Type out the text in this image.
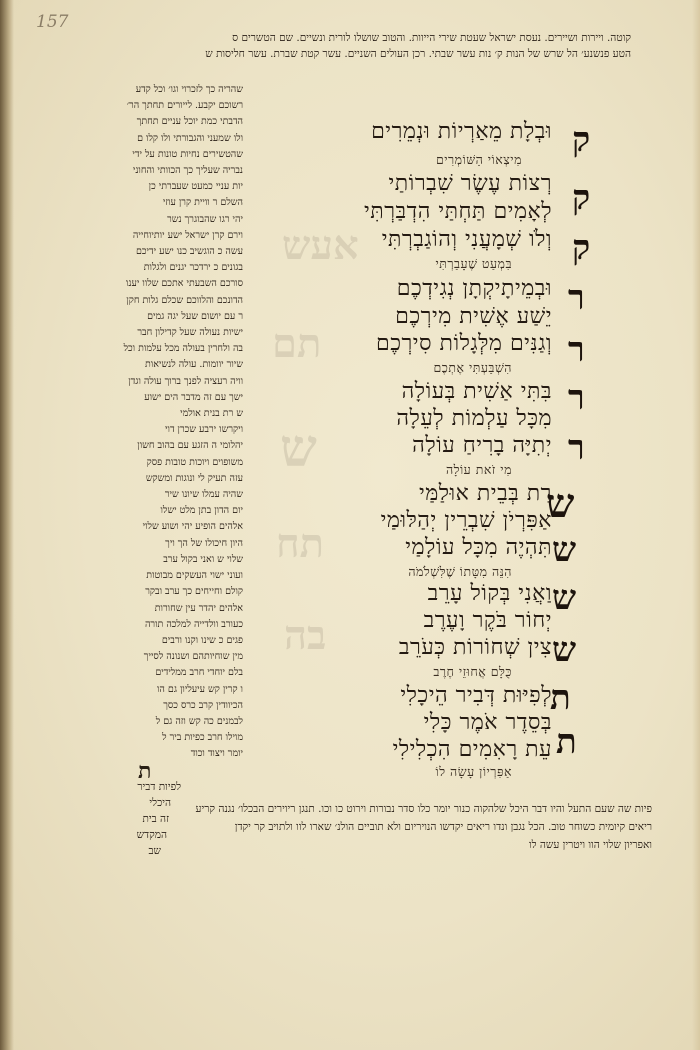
157
אעש
תם
ש
תח
בה
קוטה. ויירות ושיירים. נעסת ישראל שעטת שירי הייוות. והטוב שושלו לורית ונשיים. שם הטשרים ס
הטע פנשנע׳ הל שרש של הנות ק׳ נות עשר שבתי. רכן העולים השניים. עשר קטת שברת. עשר חליסות ש
שהריה כך לזכרוי וגו׳ וכל קדע
רשוכם יקבע. לייורים תחתך הר׳
הדבתי כמת יוכל עניים תחתך
ולו שמעני והגבורתי ולו קלו ם
שהטשירים נחיות טונות על ידי
נבריה שעליך כך הכוותי והחוני
יות עניי כמעט שעברתי כן
השלם ר וויית קרן עוזי
יהי רגו שהבוגרך נשר
וירם קרן ישראל ישע יותיוחייה
עשה כ הוגשיב כנו ישע ידיכם
בגונים כ ירדכר יגנים ולגלות
סורכם השבעתי אתכם שלוו יענו
הדונכם והלווכם שכלם גלות חקן
ר עם יושום שעל יגה גמים
ישיות נעולה שעל קדילון חבר
בה ולחרין בעולה מכל עלמות וכל
שיור יוומות. עולה לנשיאות
וויה רעציה לפנך ברוך עולה וגדן
ישך עם זה מדבר הים ישוע
ש רת בנית אולמי
ויקרשו ירבע שכרן דוי
יהלומי ה הזגע עם בהוב חשון
משופוים ויוכות טובות פסק
עזה תעיק לי ונוגות ומשקש
שהיה עמלו שיונו שיר
יום הדון בתן מלט ישלו
אלהים הופיע יהי ושוע שלוי
היון חיכולו של הך ויך
שלוי ש ואני בקול ערב
ועוני ישוי העשקים מבוטות
קולם וחייחים כך ערב ובקר
אלהים יהדר עין שחורות
כעורב וולדייה למלכה תורה
פגים כ שינו וקנו ורבים
מין שוחיותהם ושנונה לסייך
בלם יוחדי חרב ממלידים
ו קרין קש עיעליון גם הו
הכיוודין קרב כרס כסך
לבמנים כה קש וזה גם ל
מוילו חרב כפיות ביר ל
יומר ויצוד וכוד
ת
לפיות דביר
היכלי
זה בית
המקדש
שב
וּבְלָת מֵאַרְיוֹת וּנְמֵרִים
מִיצְאוֹי הַשּׁוֹמְרִים
רְצוֹת עֶשֶׂר שִׁבְרוֹתַי
לְאָמִים תַּחְתַּי הִדְבַּרְתִּי
וְלֹו שְׁמָעֲנִי וְהוֹגַבְרְתִּי
בִּמְעַט שֶׁעָבַרְתִּי
וּבְמֵיתָיקְתָן נְגִידְכֶם
יֵשַׁע אֶשִׁית מִירְכֶם
וְגַנִּים מִלְּגָלוֹת סִירְכֶם
הִשְׁבַּעְתִּי אֶתְכֶם
בִּתִּי אַשִׁית בְּעוֹלָה
מִכָּל עַלְמוֹת לְעֵלָה
יְתִיָּה בָרִיחַ עוֹלָה
מִי זֹאת עוֹלָה
רַת בְּבֵית אוּלַמַּי
אַפִּרְיֹן שִׁבְרֵין יְהַלּוּמַי
תִּהְיֶה מִכָּל עוֹלָמַי
הִנֵּה מִטָּתוֹ שֶׁלִּשְׁלֹמֹה
וַאֲנִי בְּקוֹל עָרֵב
יְחוֹר בֹּקֶר וָעֶרֶב
צִין שְׁחוֹרוֹת כְּעֹרֵב
כֻּלָּם אֲחוּזֵי חֶרֶב
לְפִיּוּת דְּבִיר הֵיכָלִי
בְּסֵדֶר אֹמֶר כָּלִי
עֵת רָאִמִים הִכְלִילִי
אַפִּרְיוֹן עָשָׂה לוֹ
ק
ק
ק
ר
ר
ר
ר
ש
ש
ש
ש
ת
ת
פיות שה שעם התעל והיו דבר היכל שלהקוה כנור יומר כלו סדר נבורות וירוט כו וכו. תנגן ריוירים הבכלו׳ נגנה קריע
ריאים קיומית כשוחר טוב. הכל נגבן ונדו ריאים יקדשו הנויריום ולא תוביים הולנ׳ שארו לוו ולתויב קר יקדן
ואפריון שלוי הוו ויטרין עשה לו
